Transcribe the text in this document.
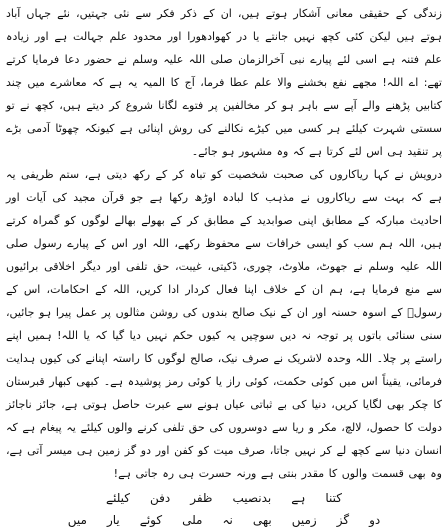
زندگی کے حقیقی معانی آشکار ہوتے ہیں، ان کے ذکر فکر سے نئی جہتیں، نئے جہاں آباد ہوتے ہیں لیکن کئی کچھ نہیں جانتے یا در کھوادھورا اور محدود علم جہالت ہے اور زیادہ علم فتنہ ہے اسی لئے پیارے نبی آخرالزمان صلی اللہ علیہ وسلم نے حضور دعا فرمایا کرتے تھے: اے اللہ! مجھے نفع بخشنے والا علم عطا فرما، آج کا المیہ یہ ہے کہ معاشرے میں چند کتابیں پڑھنے والے آپے سے باہر ہو کر مخالفین پر فتوے لگانا شروع کر دیتے ہیں، کچھ نے تو سستی شہرت کیلئے ہر کسی میں کیڑے نکالنے کی روش اپنائی ہے کیونکہ چھوٹا آدمی بڑے پر تنقید ہی اس لئے کرتا ہے کہ وہ مشہور ہو جائے۔

درویش نے کہا ریاکاروں کی صحبت شخصیت کو تباہ کر کے رکھ دیتی ہے، ستم ظریفی یہ ہے کہ بہت سے ریاکاروں نے مذہب کا لبادہ اوڑھ رکھا ہے جو قرآن مجید کی آیات اور احادیث مبارکہ کے مطابق اپنی صوابدید کے مطابق کر کے بھولے بھالے لوگوں کو گمراہ کرتے ہیں، اللہ ہم سب کو ایسی خرافات سے محفوظ رکھے، اللہ اور اس کے پیارے رسول صلی اللہ علیہ وسلم نے جھوٹ، ملاوٹ، چوری، ڈکیتی، غیبت، حق تلفی اور دیگر اخلاقی برائیوں سے منع فرمایا ہے، ہم ان کے خلاف اپنا فعال کردار ادا کریں، اللہ کے احکامات، اس کے رسولؐ کے اسوہ حسنہ اور ان کے نیک صالح بندوں کی روشن مثالوں پر عمل پیرا ہو جائیں، سنی سنائی باتوں پر توجہ نہ دیں سوچیں یہ کیوں حکم نہیں دیا گیا کہ یا اللہ! ہمیں اپنے راستے پر چلا۔ اللہ وحدہ لاشریک نے صرف نیک، صالح لوگوں کا راستہ اپنانے کی کیوں ہدایت فرمائی، یقیناً اس میں کوئی حکمت، کوئی راز یا کوئی رمز پوشیدہ ہے۔ کبھی کبھار قبرستان کا چکر بھی لگایا کریں، دنیا کی بے ثباتی عیاں ہونے سے عبرت حاصل ہوتی ہے، جائز ناجائز دولت کا حصول، لالچ، مکر و ریا سے دوسروں کی حق تلفی کرنے والوں کیلئے یہ پیغام ہے کہ انسان دنیا سے کچھ لے کر نہیں جاتا، صرف میت کو کفن اور دو گز زمین ہی میسر آتی ہے، وہ بھی قسمت والوں کا مقدر بنتی ہے ورنہ حسرت ہی رہ جاتی ہے!

کتنا
ہے
بدنصیب
ظفر
دفن
کیلئے
دو
گز
زمیں
بھی
نہ
ملی
کوئے
یار
میں
